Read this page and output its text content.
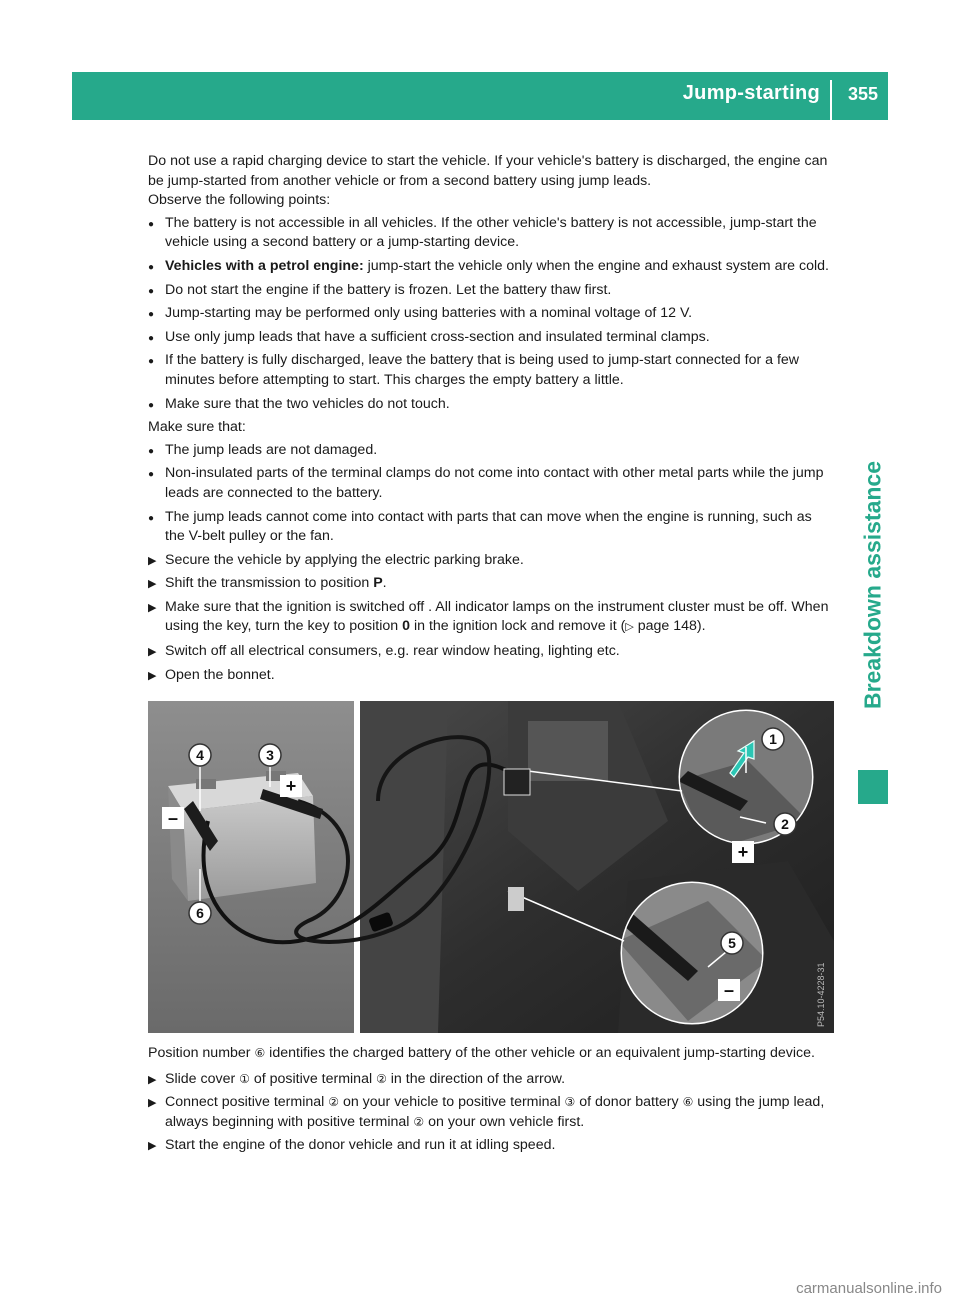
Jump-starting 355
Breakdown assistance

Do not use a rapid charging device to start the vehicle. If your vehicle's battery is discharged, the engine can be jump-started from another vehicle or from a second battery using jump leads.

Observe the following points:

● The battery is not accessible in all vehicles. If the other vehicle's battery is not accessible, jump-start the vehicle using a second battery or a jump-starting device.
● Vehicles with a petrol engine: jump-start the vehicle only when the engine and exhaust system are cold.
● Do not start the engine if the battery is frozen. Let the battery thaw first.
● Jump-starting may be performed only using batteries with a nominal voltage of 12 V.
● Use only jump leads that have a sufficient cross-section and insulated terminal clamps.
● If the battery is fully discharged, leave the battery that is being used to jump-start connected for a few minutes before attempting to start. This charges the empty battery a little.
● Make sure that the two vehicles do not touch.

Make sure that:

● The jump leads are not damaged.
● Non-insulated parts of the terminal clamps do not come into contact with other metal parts while the jump leads are connected to the battery.
● The jump leads cannot come into contact with parts that can move when the engine is running, such as the V-belt pulley or the fan.
▶ Secure the vehicle by applying the electric parking brake.
▶ Shift the transmission to position P.
▶ Make sure that the ignition is switched off . All indicator lamps on the instrument cluster must be off. When using the key, turn the key to position 0 in the ignition lock and remove it (▷ page 148).
▶ Switch off all electrical consumers, e.g. rear window heating, lighting etc.
▶ Open the bonnet.
+
–
+
–
1
2
3
4
5
6
P54.10-4228-31

Position number ⑥ identifies the charged battery of the other vehicle or an equivalent jump-starting device.

▶ Slide cover ① of positive terminal ② in the direction of the arrow.
▶ Connect positive terminal ② on your vehicle to positive terminal ③ of donor battery ⑥ using the jump lead, always beginning with positive terminal ② on your own vehicle first.
▶ Start the engine of the donor vehicle and run it at idling speed.
carmanualsonline.info
